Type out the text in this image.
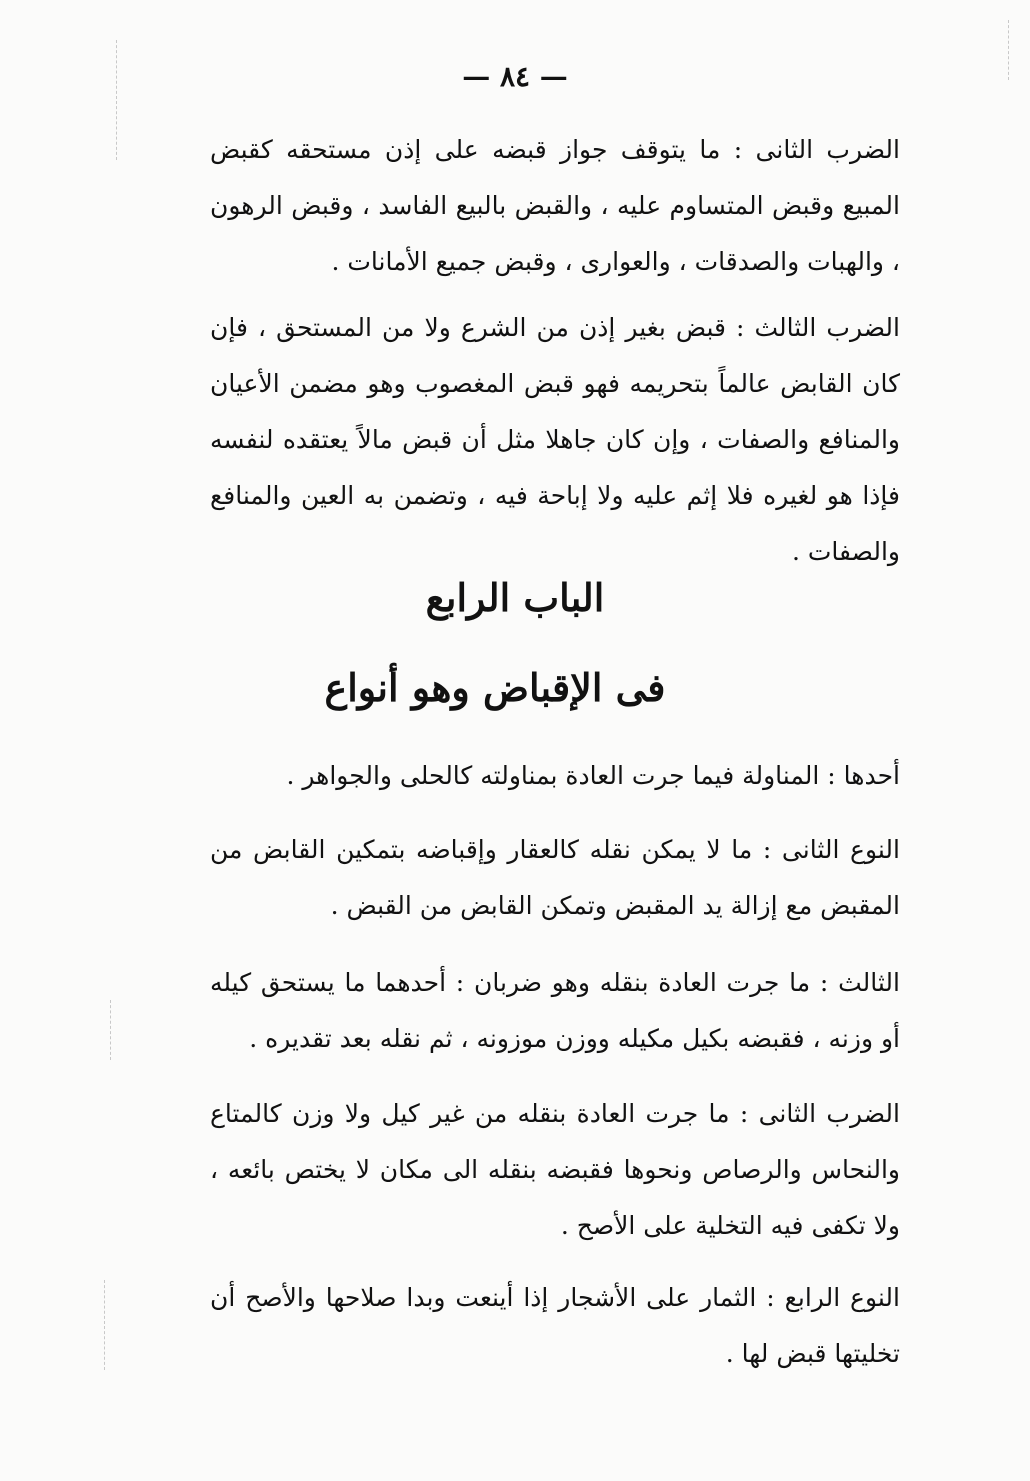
— ٨٤ —

الضرب الثانى : ما يتوقف جواز قبضه على إذن مستحقه كقبض المبيع وقبض المتساوم عليه ، والقبض بالبيع الفاسد ، وقبض الرهون ، والهبات والصدقات ، والعوارى ، وقبض جميع الأمانات .

الضرب الثالث : قبض بغير إذن من الشرع ولا من المستحق ، فإن كان القابض عالماً بتحريمه فهو قبض المغصوب وهو مضمن الأعيان والمنافع والصفات ، وإن كان جاهلا مثل أن قبض مالاً يعتقده لنفسه فإذا هو لغيره فلا إثم عليه ولا إباحة فيه ، وتضمن به العين والمنافع والصفات .

الباب الرابع
فى الإقباض وهو أنواع

أحدها : المناولة فيما جرت العادة بمناولته كالحلى والجواهر .

النوع الثانى : ما لا يمكن نقله كالعقار وإقباضه بتمكين القابض من المقبض مع إزالة يد المقبض وتمكن القابض من القبض .

الثالث : ما جرت العادة بنقله وهو ضربان : أحدهما ما يستحق كيله أو وزنه ، فقبضه بكيل مكيله ووزن موزونه ، ثم نقله بعد تقديره .

الضرب الثانى : ما جرت العادة بنقله من غير كيل ولا وزن كالمتاع والنحاس والرصاص ونحوها فقبضه بنقله الى مكان لا يختص بائعه ، ولا تكفى فيه التخلية على الأصح .

النوع الرابع : الثمار على الأشجار إذا أينعت وبدا صلاحها والأصح أن تخليتها قبض لها .
